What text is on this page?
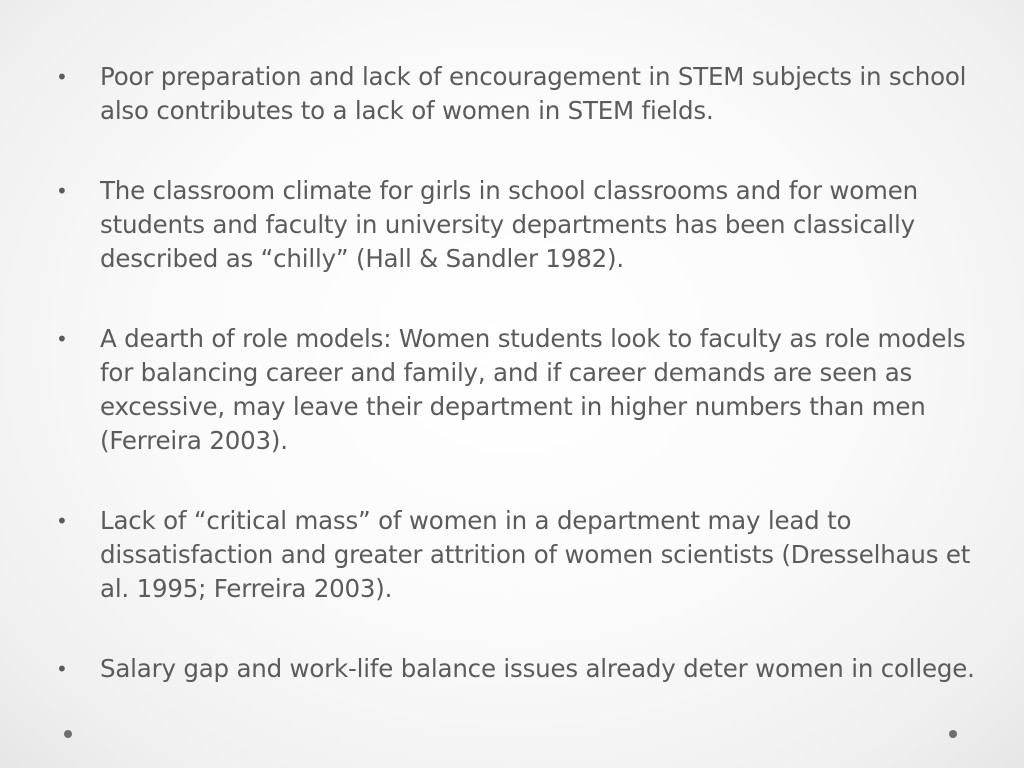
•	Poor preparation and lack of encouragement in STEM subjects in school also contributes to a lack of women in STEM fields.
•	The classroom climate for girls in school classrooms and for women students and faculty in university departments has been classically described as “chilly” (Hall & Sandler 1982).
•	A dearth of role models: Women students look to faculty as role models for balancing career and family, and if career demands are seen as excessive, may leave their department in higher numbers than men (Ferreira 2003).
•	Lack of “critical mass” of women in a department may lead to dissatisfaction and greater attrition of women scientists (Dresselhaus et al. 1995; Ferreira 2003).
•	Salary gap and work-life balance issues already deter women in college.
